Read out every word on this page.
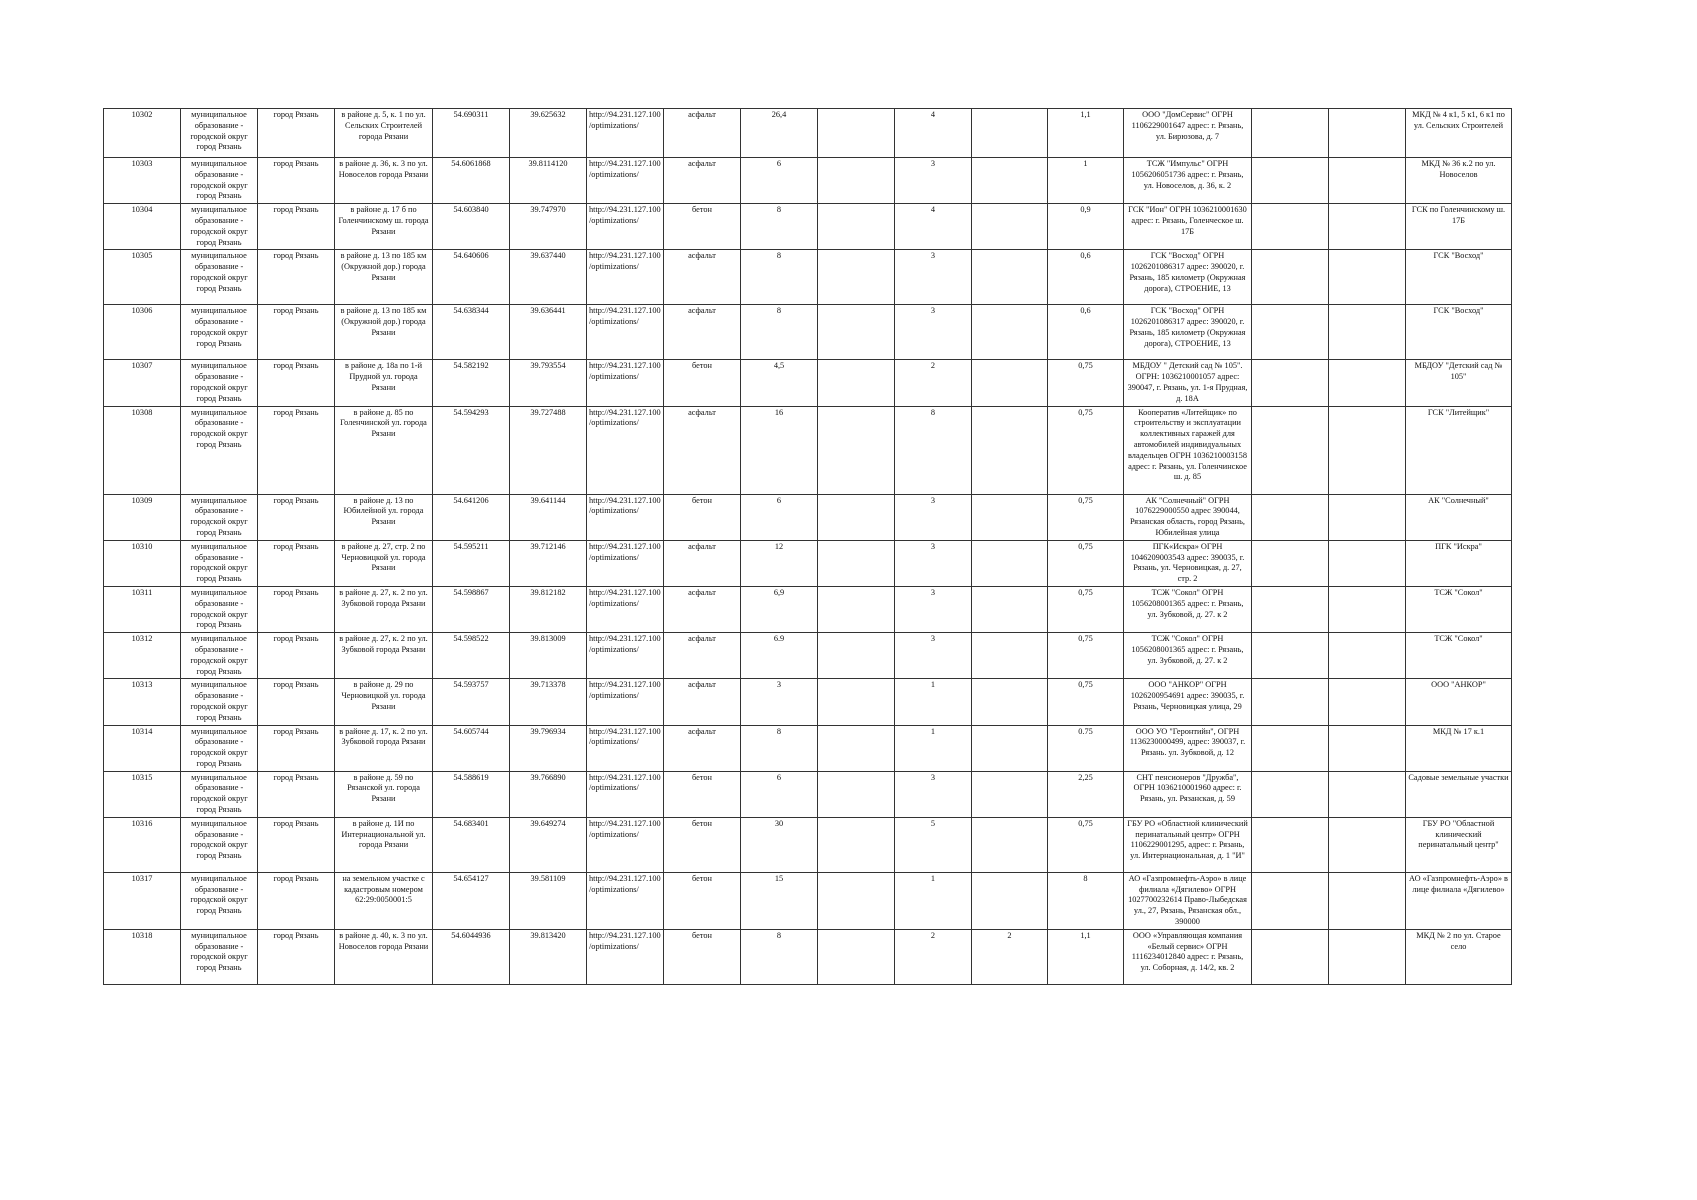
10302	муниципальное образование - городской округ город Рязань	город Рязань	в районе д. 5, к. 1 по ул. Сельских Строителей города Рязани	54.690311	39.625632	http://94.231.127.100/optimizations/	асфальт	26,4		4		1,1	ООО "ДомСервис" ОГРН 1106229001647 адрес: г. Рязань, ул. Бирюзова, д. 7			МКД № 4 к1, 5 к1, 6 к1 по ул. Сельских Строителей
10303	муниципальное образование - городской округ город Рязань	город Рязань	в районе д. 36, к. 3 по ул. Новоселов города Рязани	54.6061868	39.8114120	http://94.231.127.100/optimizations/	асфальт	6		3		1	ТСЖ "Импульс" ОГРН 1056206051736 адрес: г. Рязань, ул. Новоселов, д. 36, к. 2			МКД № 36 к.2 по ул. Новоселов
10304	муниципальное образование - городской округ город Рязань	город Рязань	в районе д. 17 б по Голенчинскому ш. города Рязани	54.603840	39.747970	http://94.231.127.100/optimizations/	бетон	8		4		0,9	ГСК "Ион" ОГРН 1036210001630 адрес: г. Рязань, Голенческое ш. 17Б			ГСК по Голенчинскому ш. 17Б
10305	муниципальное образование - городской округ город Рязань	город Рязань	в районе д. 13 по 185 км (Окружной дор.) города Рязани	54.640606	39.637440	http://94.231.127.100/optimizations/	асфальт	8		3		0,6	ГСК "Восход" ОГРН 1026201086317 адрес: 390020, г. Рязань, 185 километр (Окружная дорога), СТРОЕНИЕ, 13			ГСК "Восход"
10306	муниципальное образование - городской округ город Рязань	город Рязань	в районе д. 13 по 185 км (Окружной дор.) города Рязани	54.638344	39.636441	http://94.231.127.100/optimizations/	асфальт	8		3		0,6	ГСК "Восход" ОГРН 1026201086317 адрес: 390020, г. Рязань, 185 километр (Окружная дорога), СТРОЕНИЕ, 13			ГСК "Восход"
10307	муниципальное образование - городской округ город Рязань	город Рязань	в районе д. 18а по 1-й Прудной ул. города Рязани	54.582192	39.793554	http://94.231.127.100/optimizations/	бетон	4,5		2		0,75	МБДОУ " Детский сад № 105". ОГРН: 1036210001057 адрес: 390047, г. Рязань, ул. 1-я Прудная, д. 18А			МБДОУ "Детский сад № 105"
10308	муниципальное образование - городской округ город Рязань	город Рязань	в районе д. 85 по Голенчинской ул. города Рязани	54.594293	39.727488	http://94.231.127.100/optimizations/	асфальт	16		8		0,75	Кооператив «Литейщик» по строительству и эксплуатации коллективных гаражей для автомобилей индивидуальных владельцев ОГРН 1036210003158 адрес: г. Рязань, ул. Голенчинское ш. д. 85			ГСК "Литейщик"
10309	муниципальное образование - городской округ город Рязань	город Рязань	в районе д. 13 по Юбилейной ул. города Рязани	54.641206	39.641144	http://94.231.127.100/optimizations/	бетон	6		3		0,75	АК "Солнечный" ОГРН 1076229000550 адрес 390044, Рязанская область, город Рязань, Юбилейная улица			АК "Солнечный"
10310	муниципальное образование - городской округ город Рязань	город Рязань	в районе д. 27, стр. 2 по Черновицкой ул. города Рязани	54.595211	39.712146	http://94.231.127.100/optimizations/	асфальт	12		3		0,75	ПГК«Искра» ОГРН 1046209003543 адрес: 390035, г. Рязань, ул. Черновицкая, д. 27, стр. 2			ПГК "Искра"
10311	муниципальное образование - городской округ город Рязань	город Рязань	в районе д. 27, к. 2 по ул. Зубковой города Рязани	54.598867	39.812182	http://94.231.127.100/optimizations/	асфальт	6,9		3		0,75	ТСЖ "Сокол" ОГРН 1056208001365 адрес: г. Рязань, ул. Зубковой, д. 27. к 2			ТСЖ "Сокол"
10312	муниципальное образование - городской округ город Рязань	город Рязань	в районе д. 27, к. 2 по ул. Зубковой города Рязани	54.598522	39.813009	http://94.231.127.100/optimizations/	асфальт	6.9		3		0,75	ТСЖ "Сокол" ОГРН 1056208001365 адрес: г. Рязань, ул. Зубковой, д. 27. к 2			ТСЖ "Сокол"
10313	муниципальное образование - городской округ город Рязань	город Рязань	в районе д. 29 по Черновицкой ул. города Рязани	54.593757	39.713378	http://94.231.127.100/optimizations/	асфальт	3		1		0,75	ООО "АНКОР" ОГРН 1026200954691 адрес: 390035, г. Рязань, Черновицкая улица, 29			ООО "АНКОР"
10314	муниципальное образование - городской округ город Рязань	город Рязань	в районе д. 17, к. 2 по ул. Зубковой города Рязани	54.605744	39.796934	http://94.231.127.100/optimizations/	асфальт	8		1		0.75	ООО УО "Геронтийн", ОГРН 1136230000499, адрес: 390037, г. Рязань. ул. Зубковой, д. 12			МКД № 17 к.1
10315	муниципальное образование - городской округ город Рязань	город Рязань	в районе д. 59 по Рязанской ул. города Рязани	54.588619	39.766890	http://94.231.127.100/optimizations/	бетон	6		3		2,25	СНТ пенсионеров "Дружба", ОГРН 1036210001960 адрес: г. Рязань, ул. Рязанская, д. 59			Садовые земельные участки
10316	муниципальное образование - городской округ город Рязань	город Рязань	в районе д. 1И по Интернациональной ул. города Рязани	54.683401	39.649274	http://94.231.127.100/optimizations/	бетон	30		5		0,75	ГБУ РО «Областной клинический перинатальный центр» ОГРН 1106229001295, адрес: г. Рязань, ул. Интернациональная, д. 1 "И"			ГБУ РО "Областной клинический перинатальный центр"
10317	муниципальное образование - городской округ город Рязань	город Рязань	на земельном участке с кадастровым номером 62:29:0050001:5	54.654127	39.581109	http://94.231.127.100/optimizations/	бетон	15		1		8	АО «Газпромнефть-Аэро» в лице филиала «Дягилево» ОГРН 1027700232614 Право-Лыбедская ул., 27, Рязань, Рязанская обл., 390000			АО «Газпромнефть-Аэро» в лице филиала «Дягилево»
10318	муниципальное образование - городской округ город Рязань	город Рязань	в районе д. 40, к. 3 по ул. Новоселов города Рязани	54.6044936	39.813420	http://94.231.127.100/optimizations/	бетон	8		2	2	1,1	ООО «Управляющая компания «Белый сервис» ОГРН 1116234012840 адрес: г. Рязань, ул. Соборная, д. 14/2, кв. 2			МКД № 2 по ул. Старое село
